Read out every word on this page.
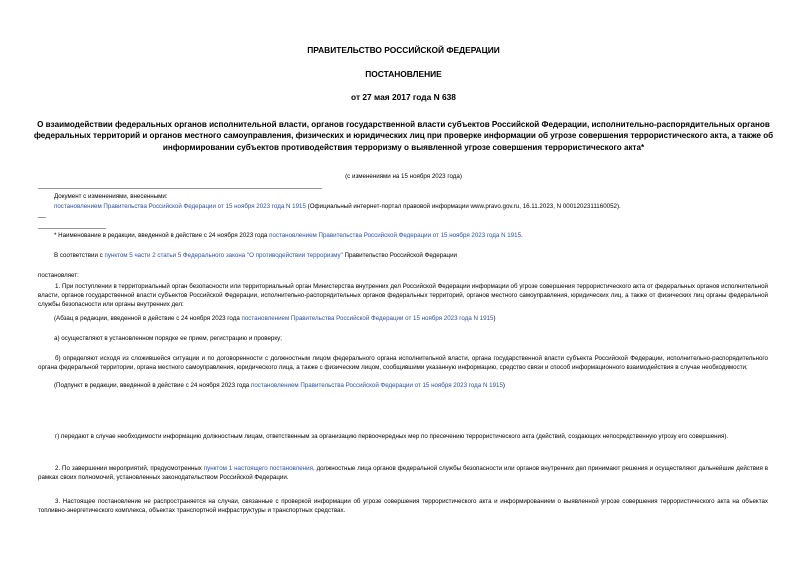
ПРАВИТЕЛЬСТВО РОССИЙСКОЙ ФЕДЕРАЦИИ
ПОСТАНОВЛЕНИЕ
от 27 мая 2017 года N 638
О взаимодействии федеральных органов исполнительной власти, органов государственной власти субъектов Российской Федерации, исполнительно-распорядительных органов федеральных территорий и органов местного самоуправления, физических и юридических лиц при проверке информации об угрозе совершения террористического акта, а также об информировании субъектов противодействия терроризму о выявленной угрозе совершения террористического акта*
(с изменениями на 15 ноября 2023 года)
Документ с изменениями, внесенными:
постановлением Правительства Российской Федерации от 15 ноября 2023 года N 1915 (Официальный интернет-портал правовой информации www.pravo.gov.ru, 16.11.2023, N 0001202311160052).
* Наименование в редакции, введенной в действие с 24 ноября 2023 года постановлением Правительства Российской Федерации от 15 ноября 2023 года N 1915.
В соответствии с пунктом 5 части 2 статьи 5 Федерального закона "О противодействии терроризму" Правительство Российской Федерации
постановляет:
1. При поступлении в территориальный орган безопасности или территориальный орган Министерства внутренних дел Российской Федерации информации об угрозе совершения террористического акта от федеральных органов исполнительной власти, органов государственной власти субъектов Российской Федерации, исполнительно-распорядительных органов федеральных территорий, органов местного самоуправления, юридических лиц, а также от физических лиц органы федеральной службы безопасности или органы внутренних дел:
(Абзац в редакции, введенной в действие с 24 ноября 2023 года постановлением Правительства Российской Федерации от 15 ноября 2023 года N 1915)
а) осуществляют в установленном порядке ее прием, регистрацию и проверку;
б) определяют исходя из сложившейся ситуации и по договоренности с должностным лицом федерального органа исполнительной власти, органа государственной власти субъекта Российской Федерации, исполнительно-распорядительного органа федеральной территории, органа местного самоуправления, юридического лица, а также с физическим лицом, сообщившими указанную информацию, средство связи и способ информационного взаимодействия в случае необходимости;
(Подпункт в редакции, введенной в действие с 24 ноября 2023 года постановлением Правительства Российской Федерации от 15 ноября 2023 года N 1915)
г) передают в случае необходимости информацию должностным лицам, ответственным за организацию первоочередных мер по пресечению террористического акта (действий, создающих непосредственную угрозу его совершения).
2. По завершении мероприятий, предусмотренных пунктом 1 настоящего постановления, должностные лица органов федеральной службы безопасности или органов внутренних дел принимают решения и осуществляют дальнейшие действия в рамках своих полномочий, установленных законодательством Российской Федерации.
3. Настоящее постановление не распространяется на случаи, связанные с проверкой информации об угрозе совершения террористического акта и информированием о выявленной угрозе совершения террористического акта на объектах топливно-энергетического комплекса, объектах транспортной инфраструктуры и транспортных средствах.
